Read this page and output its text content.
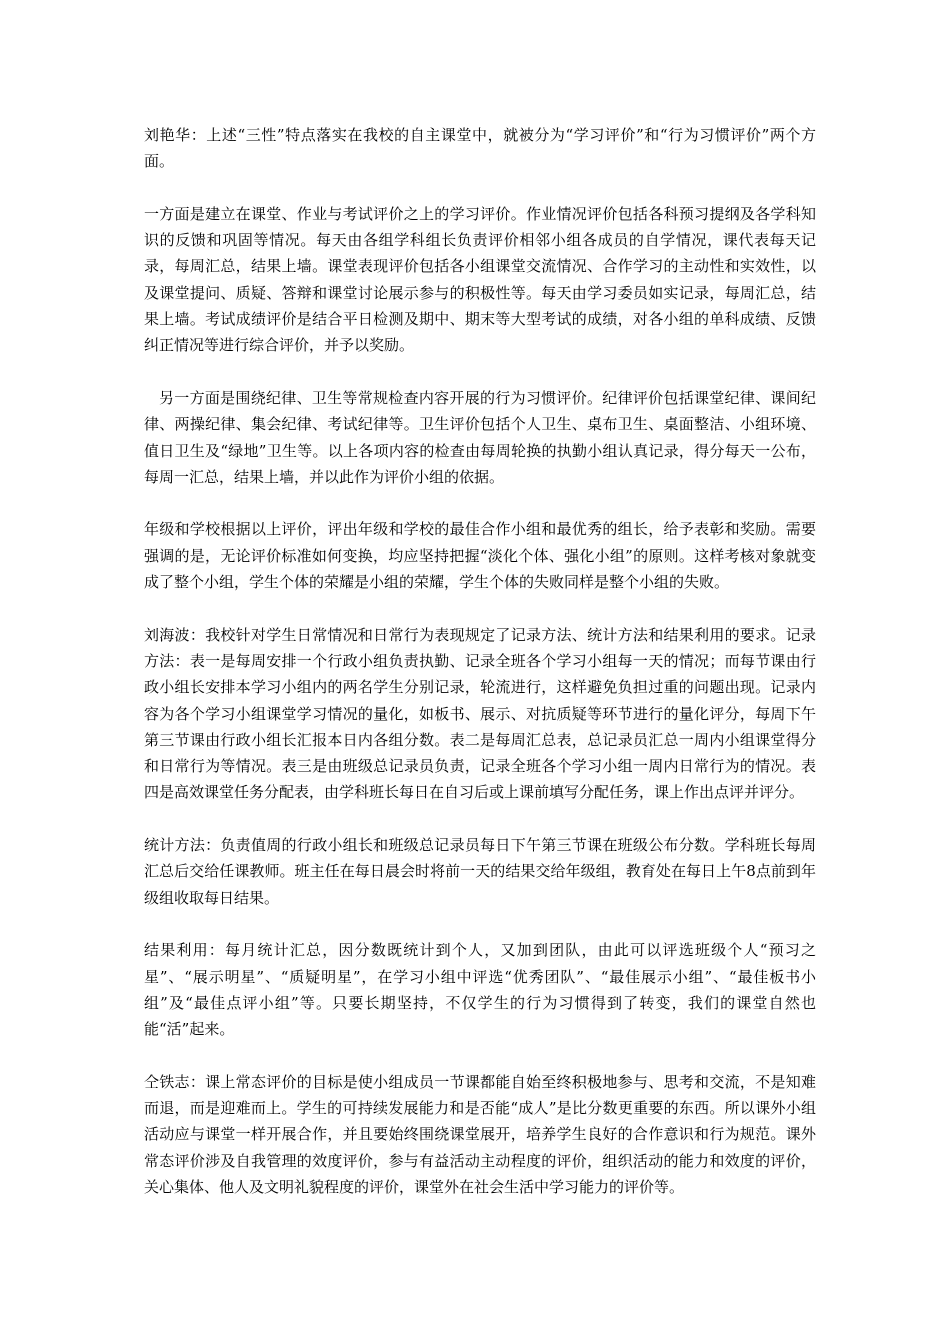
刘艳华：上述“三性”特点落实在我校的自主课堂中，就被分为“学习评价”和“行为习惯评价”两个方面。

一方面是建立在课堂、作业与考试评价之上的学习评价。作业情况评价包括各科预习提纲及各学科知识的反馈和巩固等情况。每天由各组学科组长负责评价相邻小组各成员的自学情况，课代表每天记录，每周汇总，结果上墙。课堂表现评价包括各小组课堂交流情况、合作学习的主动性和实效性，以及课堂提问、质疑、答辩和课堂讨论展示参与的积极性等。每天由学习委员如实记录，每周汇总，结果上墙。考试成绩评价是结合平日检测及期中、期末等大型考试的成绩，对各小组的单科成绩、反馈纠正情况等进行综合评价，并予以奖励。

另一方面是围绕纪律、卫生等常规检查内容开展的行为习惯评价。纪律评价包括课堂纪律、课间纪律、两操纪律、集会纪律、考试纪律等。卫生评价包括个人卫生、桌布卫生、桌面整洁、小组环境、值日卫生及“绿地”卫生等。以上各项内容的检查由每周轮换的执勤小组认真记录，得分每天一公布，每周一汇总，结果上墙，并以此作为评价小组的依据。

年级和学校根据以上评价，评出年级和学校的最佳合作小组和最优秀的组长，给予表彰和奖励。需要强调的是，无论评价标准如何变换，均应坚持把握“淡化个体、强化小组”的原则。这样考核对象就变成了整个小组，学生个体的荣耀是小组的荣耀，学生个体的失败同样是整个小组的失败。

刘海波：我校针对学生日常情况和日常行为表现规定了记录方法、统计方法和结果利用的要求。记录方法：表一是每周安排一个行政小组负责执勤、记录全班各个学习小组每一天的情况；而每节课由行政小组长安排本学习小组内的两名学生分别记录，轮流进行，这样避免负担过重的问题出现。记录内容为各个学习小组课堂学习情况的量化，如板书、展示、对抗质疑等环节进行的量化评分，每周下午第三节课由行政小组长汇报本日内各组分数。表二是每周汇总表，总记录员汇总一周内小组课堂得分和日常行为等情况。表三是由班级总记录员负责，记录全班各个学习小组一周内日常行为的情况。表四是高效课堂任务分配表，由学科班长每日在自习后或上课前填写分配任务，课上作出点评并评分。

统计方法：负责值周的行政小组长和班级总记录员每日下午第三节课在班级公布分数。学科班长每周汇总后交给任课教师。班主任在每日晨会时将前一天的结果交给年级组，教育处在每日上午8点前到年级组收取每日结果。

结果利用：每月统计汇总，因分数既统计到个人，又加到团队，由此可以评选班级个人“预习之星”、“展示明星”、“质疑明星”，在学习小组中评选“优秀团队”、“最佳展示小组”、“最佳板书小组”及“最佳点评小组”等。只要长期坚持，不仅学生的行为习惯得到了转变，我们的课堂自然也能“活”起来。

仝铁志：课上常态评价的目标是使小组成员一节课都能自始至终积极地参与、思考和交流，不是知难而退，而是迎难而上。学生的可持续发展能力和是否能“成人”是比分数更重要的东西。所以课外小组活动应与课堂一样开展合作，并且要始终围绕课堂展开，培养学生良好的合作意识和行为规范。课外常态评价涉及自我管理的效度评价，参与有益活动主动程度的评价，组织活动的能力和效度的评价，关心集体、他人及文明礼貌程度的评价，课堂外在社会生活中学习能力的评价等。
